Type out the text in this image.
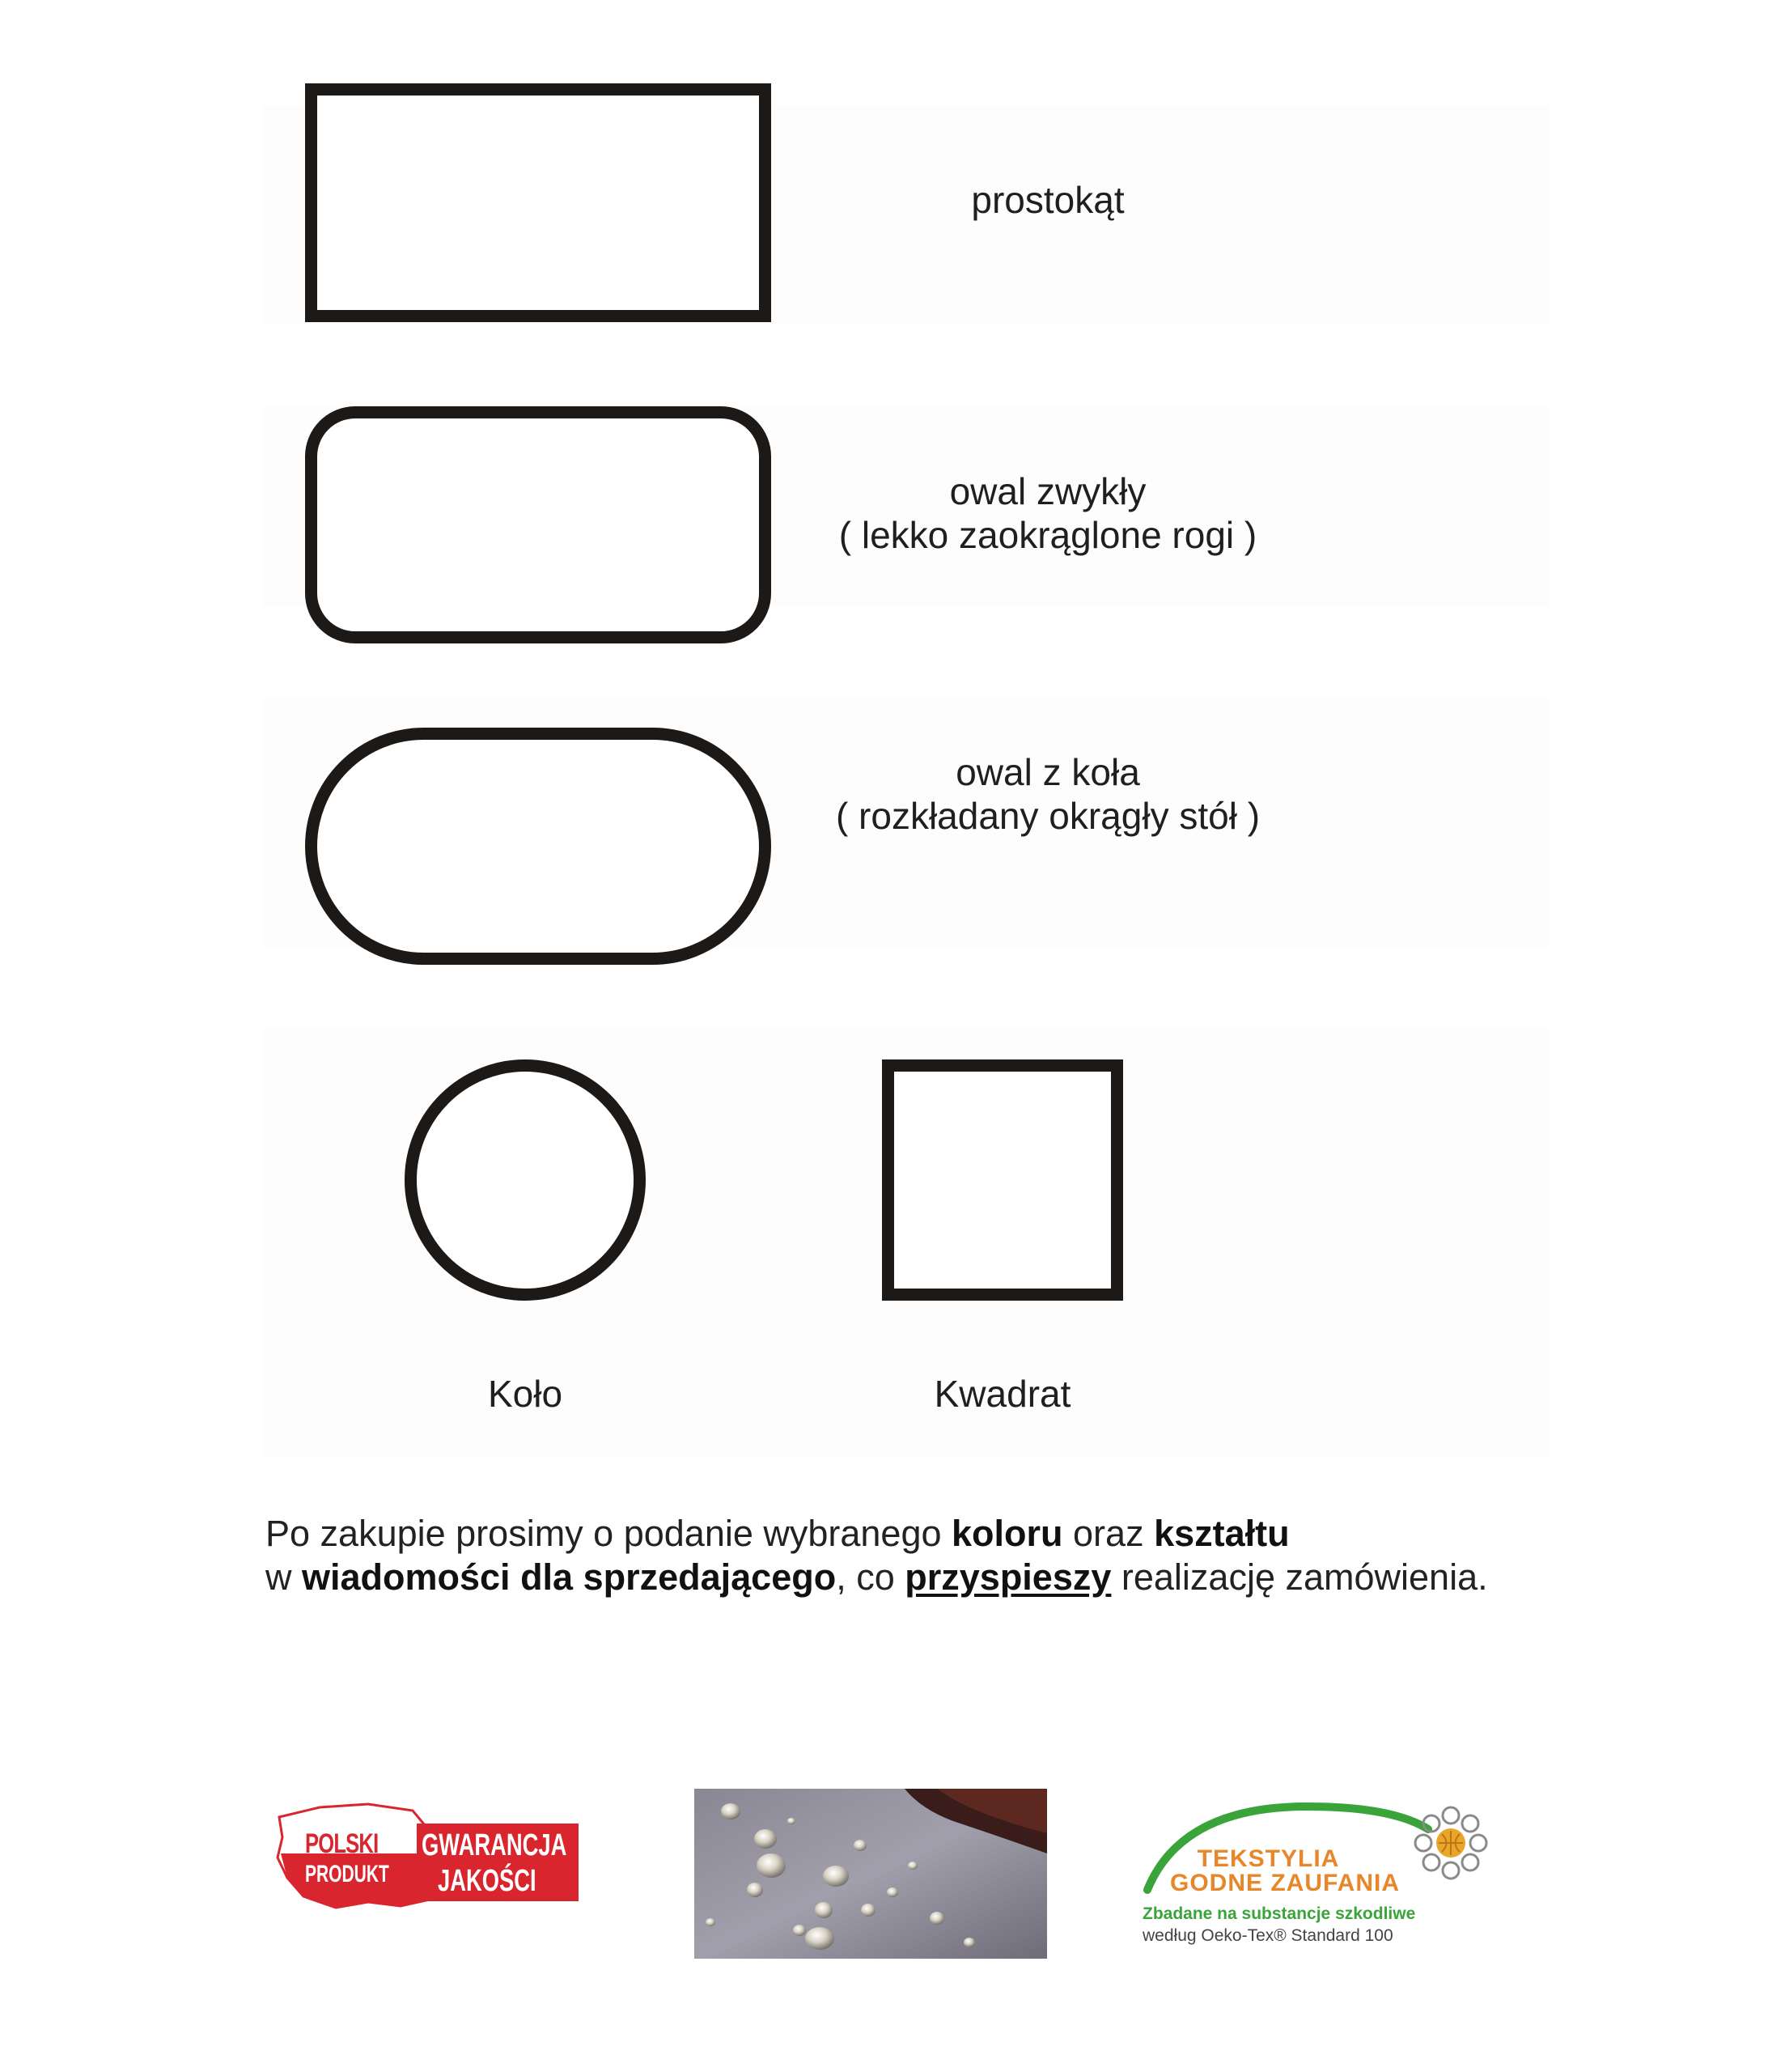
prostokąt
owal zwykły
( lekko zaokrąglone rogi )
owal z koła
( rozkładany okrągły stół )
Koło	Kwadrat
Po zakupie prosimy o podanie wybranego koloru oraz kształtu
w wiadomości dla sprzedającego, co przyspieszy realizację zamówienia.
POLSKI
PRODUKT
GWARANCJA
JAKOŚCI
TEKSTYLIA
GODNE ZAUFANIA
Zbadane na substancje szkodliwe
według Oeko-Tex® Standard 100
